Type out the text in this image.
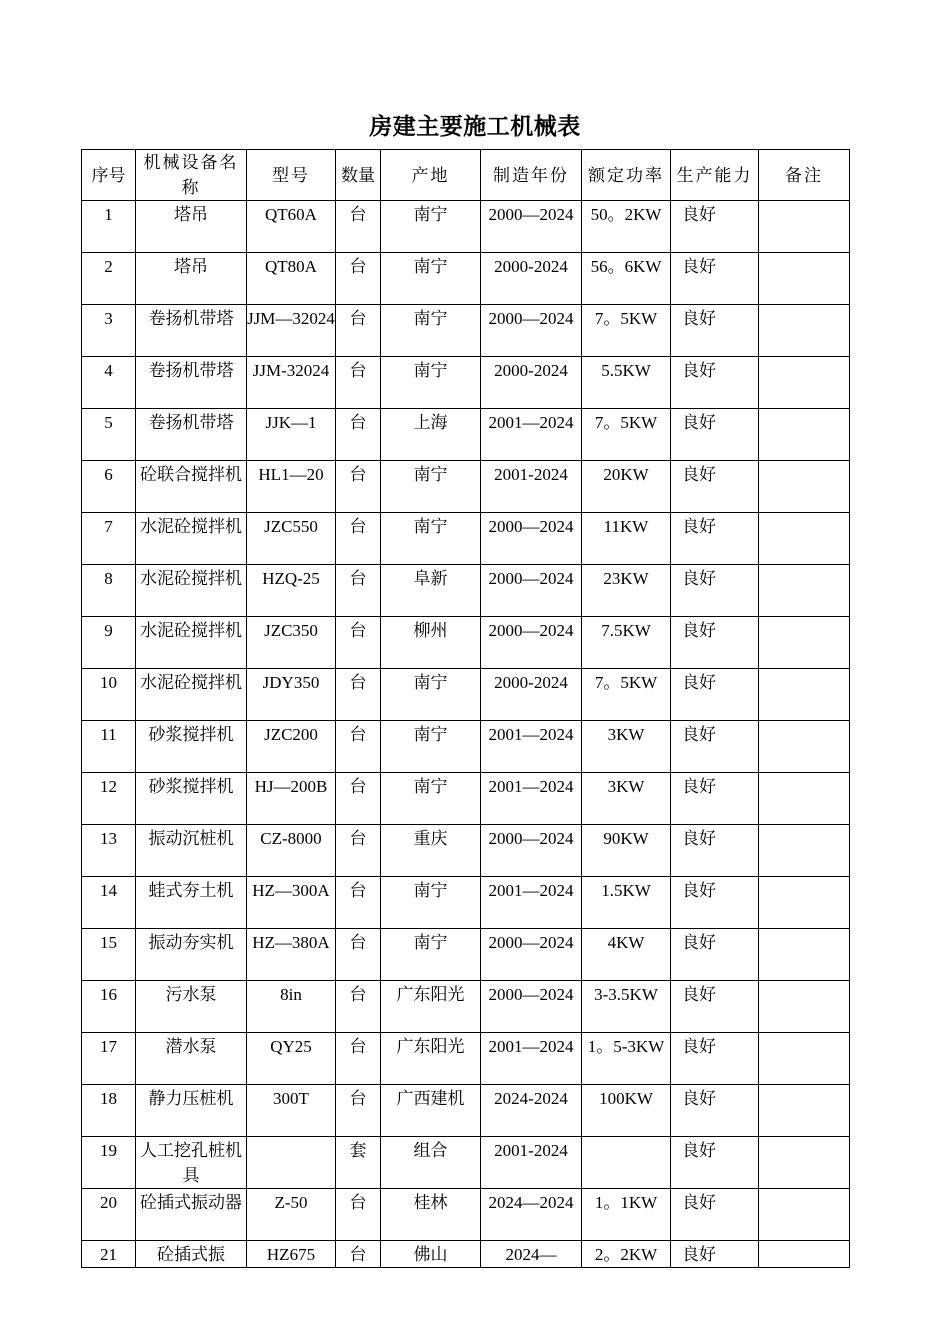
房建主要施工机械表
序号	机械设备名称	型号	数量	产地	制造年份	额定功率	生产能力	备注
1	塔吊	QT60A	台	南宁	2000—2024	50。2KW	良好	
2	塔吊	QT80A	台	南宁	2000-2024	56。6KW	良好	
3	卷扬机带塔	JJM—32024	台	南宁	2000—2024	7。5KW	良好	
4	卷扬机带塔	JJM-32024	台	南宁	2000-2024	5.5KW	良好	
5	卷扬机带塔	JJK—1	台	上海	2001—2024	7。5KW	良好	
6	砼联合搅拌机	HL1—20	台	南宁	2001-2024	20KW	良好	
7	水泥砼搅拌机	JZC550	台	南宁	2000—2024	11KW	良好	
8	水泥砼搅拌机	HZQ-25	台	阜新	2000—2024	23KW	良好	
9	水泥砼搅拌机	JZC350	台	柳州	2000—2024	7.5KW	良好	
10	水泥砼搅拌机	JDY350	台	南宁	2000-2024	7。5KW	良好	
11	砂浆搅拌机	JZC200	台	南宁	2001—2024	3KW	良好	
12	砂浆搅拌机	HJ—200B	台	南宁	2001—2024	3KW	良好	
13	振动沉桩机	CZ-8000	台	重庆	2000—2024	90KW	良好	
14	蛙式夯土机	HZ—300A	台	南宁	2001—2024	1.5KW	良好	
15	振动夯实机	HZ—380A	台	南宁	2000—2024	4KW	良好	
16	污水泵	8in	台	广东阳光	2000—2024	3-3.5KW	良好	
17	潜水泵	QY25	台	广东阳光	2001—2024	1。5-3KW	良好	
18	静力压桩机	300T	台	广西建机	2024-2024	100KW	良好	
19	人工挖孔桩机具		套	组合	2001-2024		良好	
20	砼插式振动器	Z-50	台	桂林	2024—2024	1。1KW	良好	
21	砼插式振	HZ675	台	佛山	2024—	2。2KW	良好	
